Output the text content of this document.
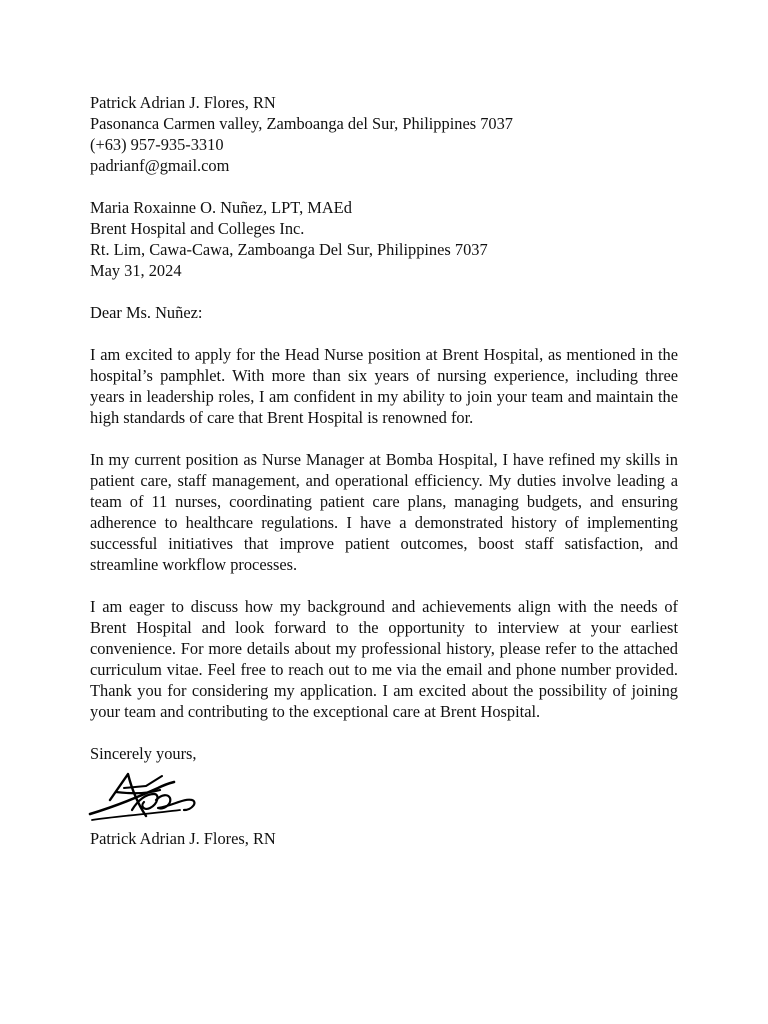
Patrick Adrian J. Flores, RN
Pasonanca Carmen valley, Zamboanga del Sur, Philippines 7037
(+63) 957-935-3310
padrianf@gmail.com
Maria Roxainne O. Nuñez, LPT, MAEd
Brent Hospital and Colleges Inc.
Rt. Lim, Cawa-Cawa, Zamboanga Del Sur, Philippines 7037
May 31, 2024
Dear Ms. Nuñez:

I am excited to apply for the Head Nurse position at Brent Hospital, as mentioned in the hospital’s pamphlet. With more than six years of nursing experience, including three years in leadership roles, I am confident in my ability to join your team and maintain the high standards of care that Brent Hospital is renowned for.

In my current position as Nurse Manager at Bomba Hospital, I have refined my skills in patient care, staff management, and operational efficiency. My duties involve leading a team of 11 nurses, coordinating patient care plans, managing budgets, and ensuring adherence to healthcare regulations. I have a demonstrated history of implementing successful initiatives that improve patient outcomes, boost staff satisfaction, and streamline workflow processes.

I am eager to discuss how my background and achievements align with the needs of Brent Hospital and look forward to the opportunity to interview at your earliest convenience. For more details about my professional history, please refer to the attached curriculum vitae. Feel free to reach out to me via the email and phone number provided. Thank you for considering my application. I am excited about the possibility of joining your team and contributing to the exceptional care at Brent Hospital.

Sincerely yours,
Patrick Adrian J. Flores, RN
